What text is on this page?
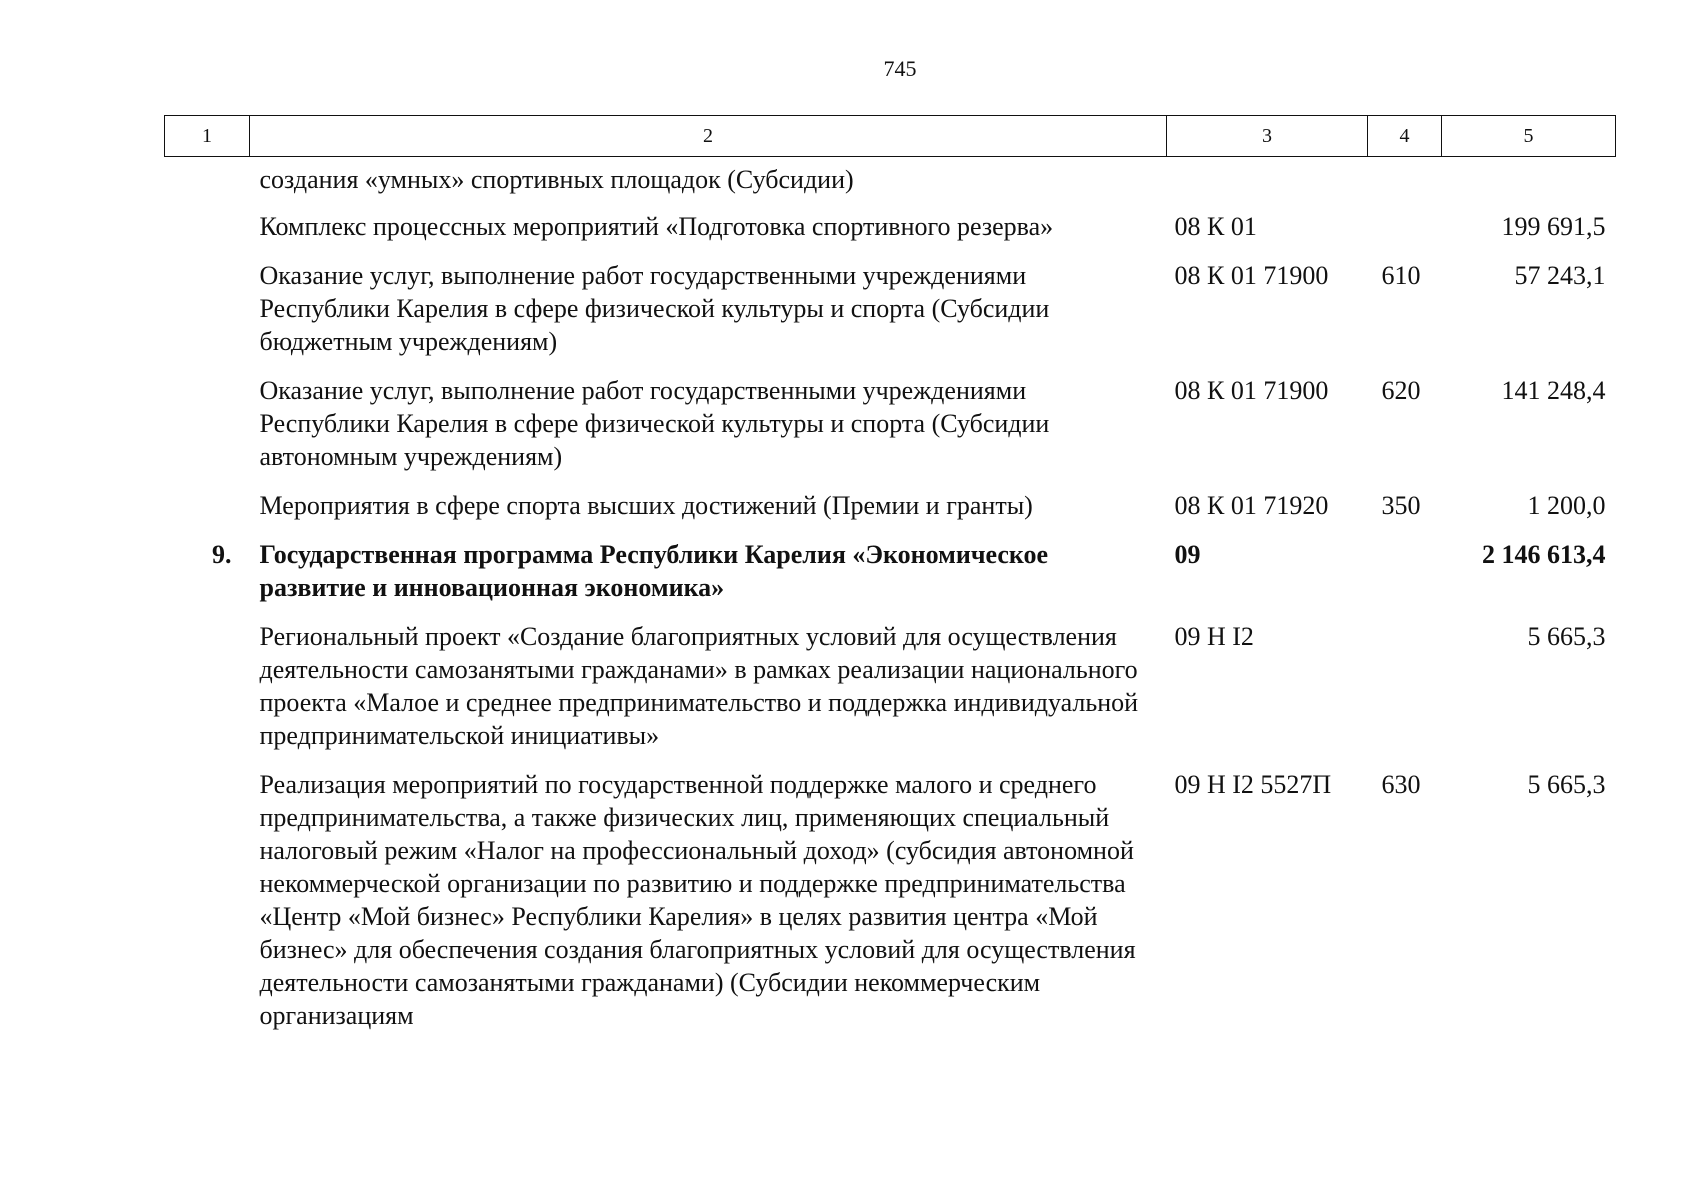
745
1	2	3	4	5
	создания «умных» спортивных площадок (Субсидии)			
	Комплекс процессных мероприятий «Подготовка спортивного резерва»	08 К 01		199 691,5
	Оказание услуг, выполнение работ государственными учреждениями Республики Карелия в сфере физической культуры и спорта (Субсидии бюджетным учреждениям)	08 К 01 71900	610	57 243,1
	Оказание услуг, выполнение работ государственными учреждениями Республики Карелия в сфере физической культуры и спорта (Субсидии автономным учреждениям)	08 К 01 71900	620	141 248,4
	Мероприятия в сфере спорта высших достижений (Премии и гранты)	08 К 01 71920	350	1 200,0
9.	Государственная программа Республики Карелия «Экономическое развитие и инновационная экономика»	09		2 146 613,4
	Региональный проект «Создание благоприятных условий для осуществления деятельности самозанятыми гражданами» в рамках реализации национального проекта «Малое и среднее предпринимательство и поддержка индивидуальной предпринимательской инициативы»	09 Н I2		5 665,3
	Реализация мероприятий по государственной поддержке малого и среднего предпринимательства, а также физических лиц, применяющих специальный налоговый режим «Налог на профессиональный доход» (субсидия автономной некоммерческой организации по развитию и поддержке предпринимательства «Центр «Мой бизнес» Республики Карелия» в целях развития центра «Мой бизнес» для обеспечения создания благоприятных условий для осуществления деятельности самозанятыми гражданами) (Субсидии некоммерческим организациям	09 Н I2 5527П	630	5 665,3
